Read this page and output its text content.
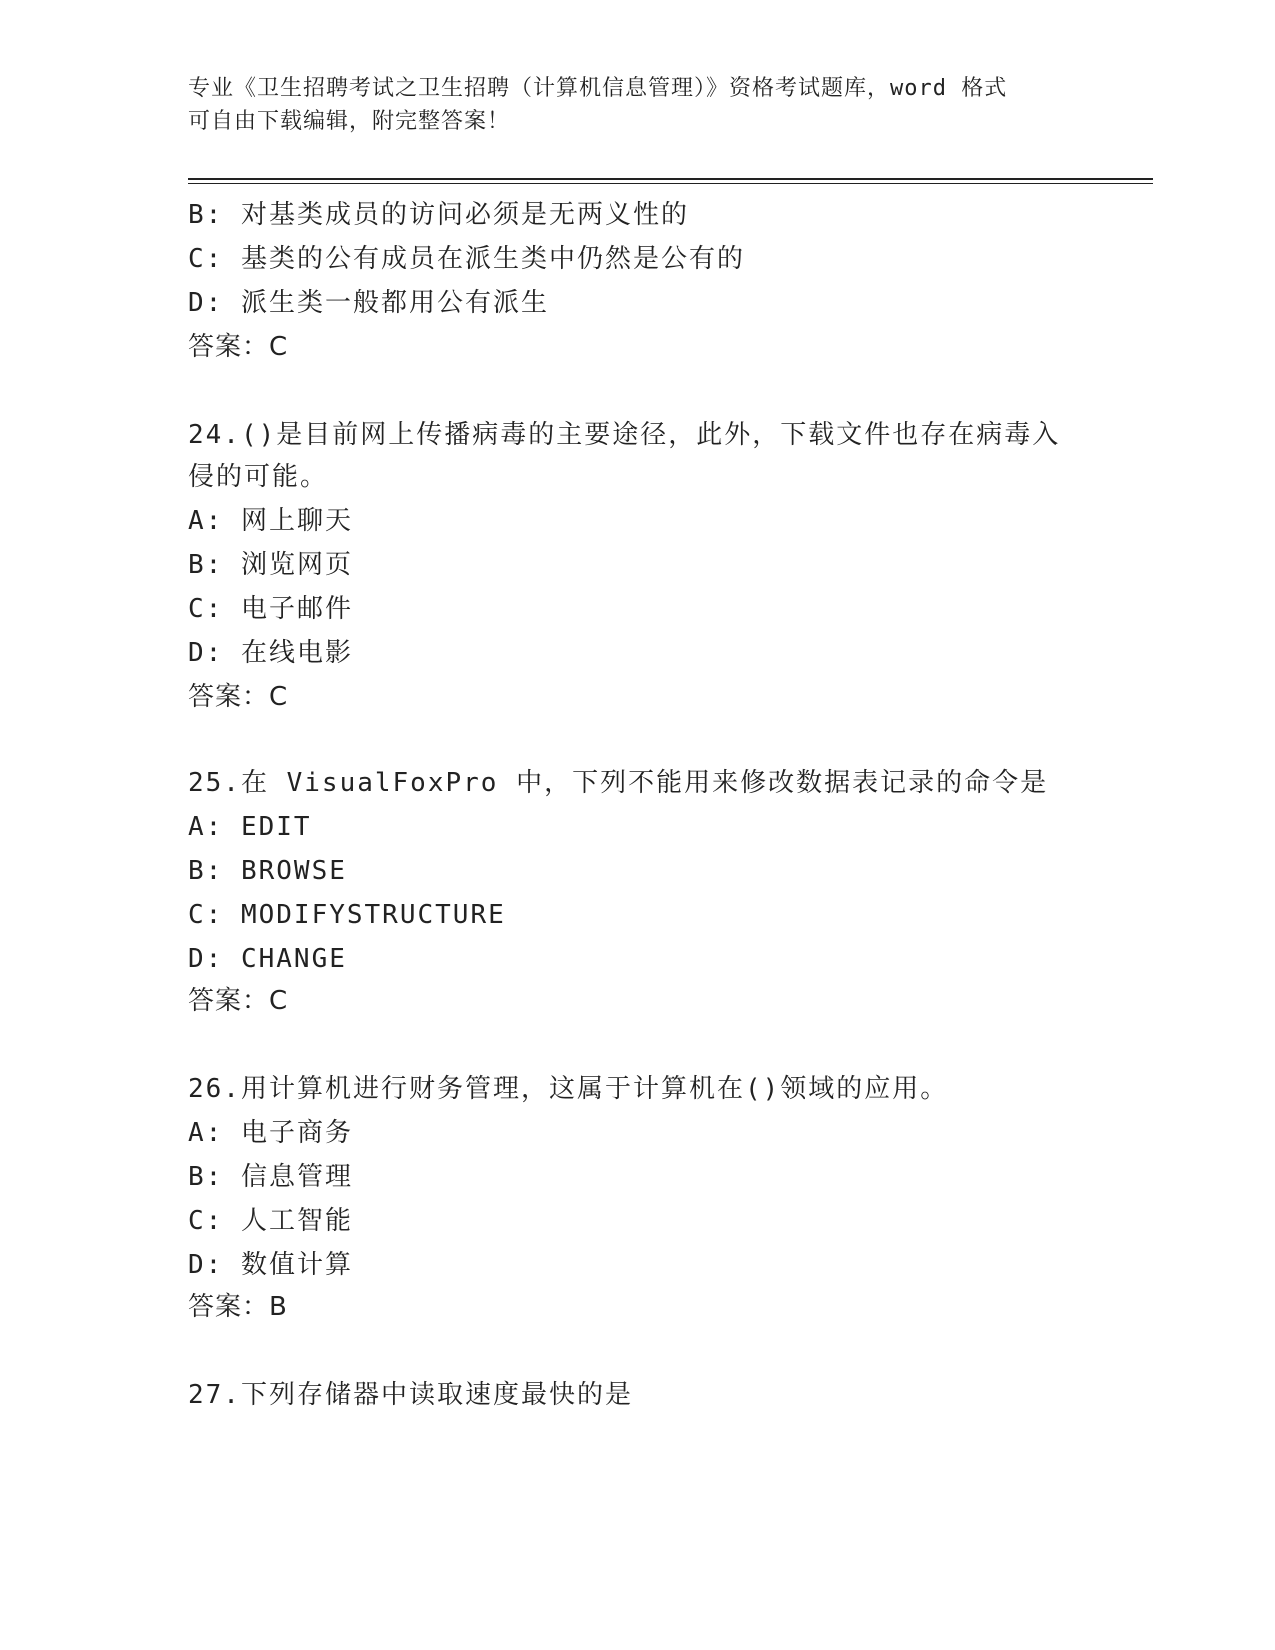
专业《卫生招聘考试之卫生招聘（计算机信息管理）》资格考试题库，word 格式
可自由下载编辑，附完整答案！
B: 对基类成员的访问必须是无两义性的
C: 基类的公有成员在派生类中仍然是公有的
D: 派生类一般都用公有派生
答案：C
24.()是目前网上传播病毒的主要途径，此外，下载文件也存在病毒入
侵的可能。
A: 网上聊天
B: 浏览网页
C: 电子邮件
D: 在线电影
答案：C
25.在 VisualFoxPro 中，下列不能用来修改数据表记录的命令是
A: EDIT
B: BROWSE
C: MODIFYSTRUCTURE
D: CHANGE
答案：C
26.用计算机进行财务管理，这属于计算机在()领域的应用。
A: 电子商务
B: 信息管理
C: 人工智能
D: 数值计算
答案：B
27.下列存储器中读取速度最快的是
